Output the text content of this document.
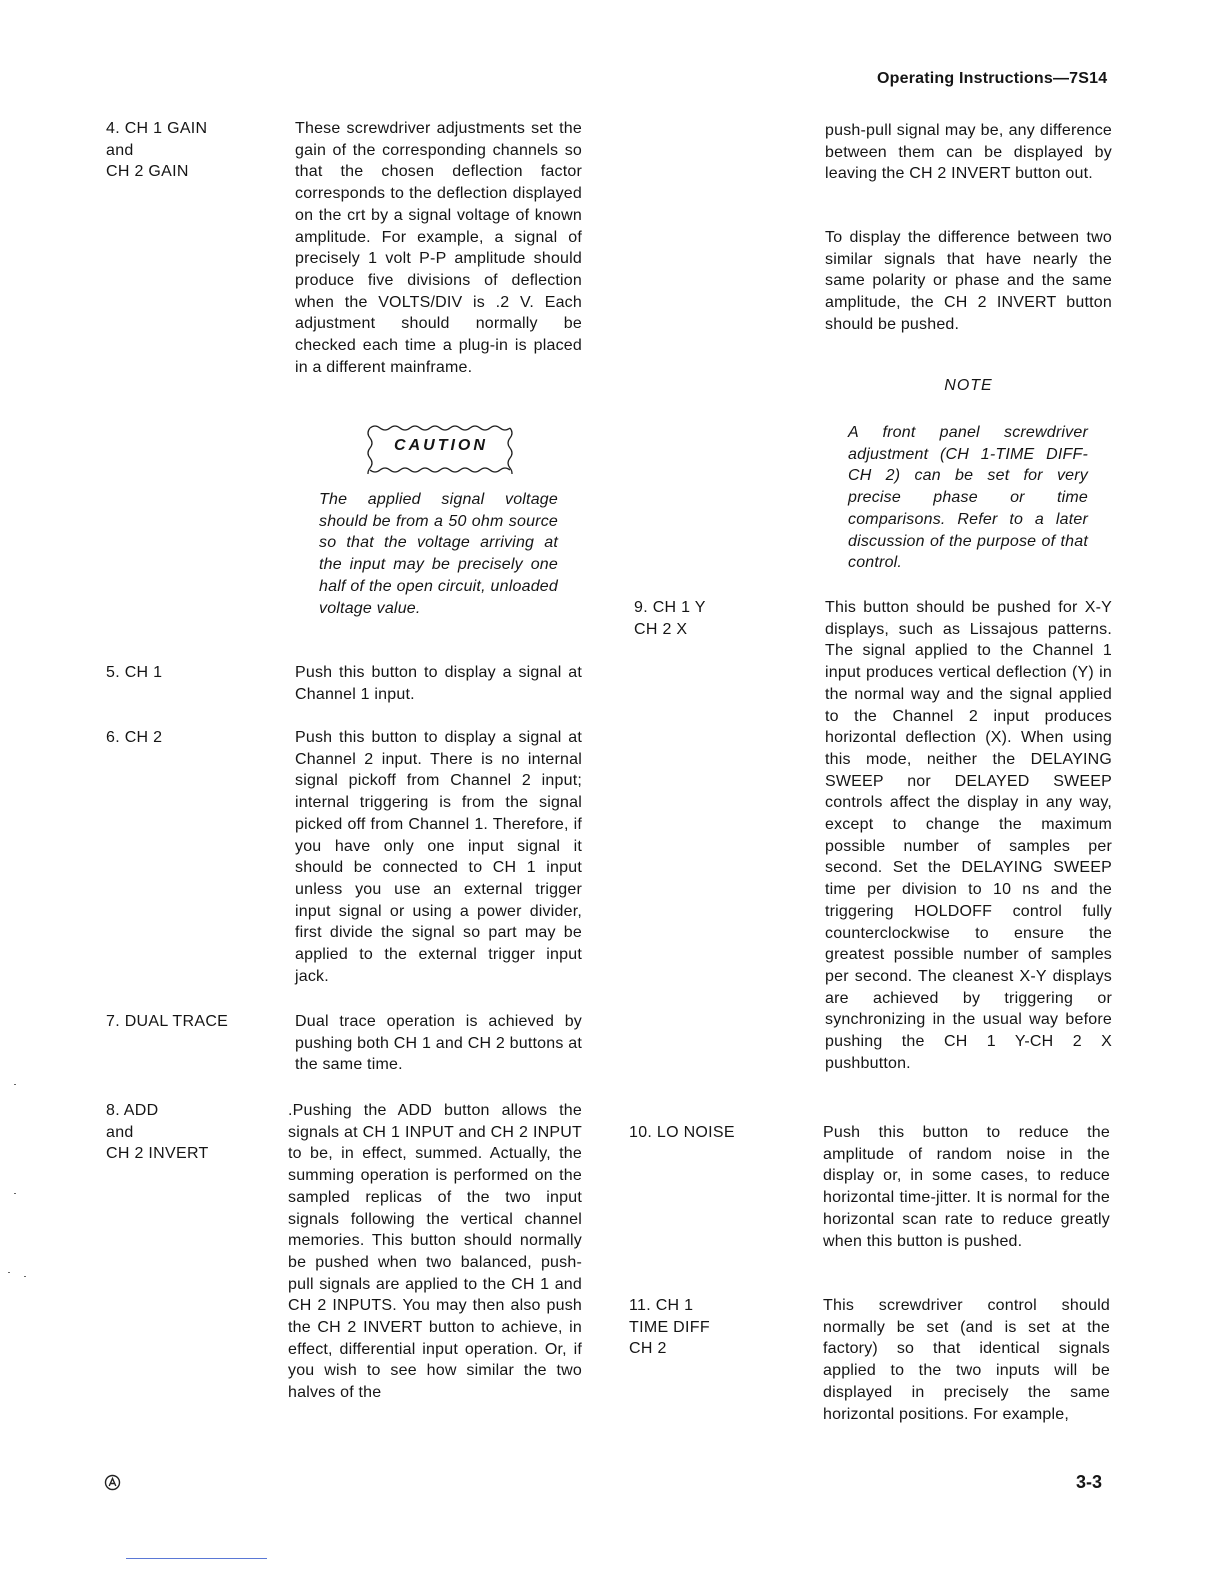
Operating Instructions—7S14
4. CH 1 GAIN
and
CH 2 GAIN
These screwdriver adjustments set the gain of the corresponding channels so that the chosen deflection factor corresponds to the deflection displayed on the crt by a signal voltage of known amplitude. For example, a signal of precisely 1 volt P-P amplitude should produce five divisions of deflection when the VOLTS/DIV is .2 V. Each adjustment should normally be checked each time a plug-in is placed in a different mainframe.
CAUTION
The applied signal voltage should be from a 50 ohm source so that the voltage arriving at the input may be precisely one half of the open circuit, unloaded voltage value.
5. CH 1	Push this button to display a signal at Channel 1 input.
6. CH 2	Push this button to display a signal at Channel 2 input. There is no internal signal pickoff from Channel 2 input; internal triggering is from the signal picked off from Channel 1. Therefore, if you have only one input signal it should be connected to CH 1 input unless you use an external trigger input signal or using a power divider, first divide the signal so part may be applied to the external trigger input jack.
7. DUAL TRACE	Dual trace operation is achieved by pushing both CH 1 and CH 2 buttons at the same time.
8. ADD
and
CH 2 INVERT
.Pushing the ADD button allows the signals at CH 1 INPUT and CH 2 INPUT to be, in effect, summed. Actually, the summing operation is performed on the sampled replicas of the two input signals following the vertical channel memories. This button should normally be pushed when two balanced, push-pull signals are applied to the CH 1 and CH 2 INPUTS. You may then also push the CH 2 INVERT button to achieve, in effect, differential input operation. Or, if you wish to see how similar the two halves of the
push-pull signal may be, any difference between them can be displayed by leaving the CH 2 INVERT button out.
To display the difference between two similar signals that have nearly the same polarity or phase and the same amplitude, the CH 2 INVERT button should be pushed.
NOTE
A front panel screwdriver adjustment (CH 1-TIME DIFF-CH 2) can be set for very precise phase or time comparisons. Refer to a later discussion of the purpose of that control.
9. CH 1 Y
CH 2 X
This button should be pushed for X-Y displays, such as Lissajous patterns. The signal applied to the Channel 1 input produces vertical deflection (Y) in the normal way and the signal applied to the Channel 2 input produces horizontal deflection (X). When using this mode, neither the DELAYING SWEEP nor DELAYED SWEEP controls affect the display in any way, except to change the maximum possible number of samples per second. Set the DELAYING SWEEP time per division to 10 ns and the triggering HOLDOFF control fully counterclockwise to ensure the greatest possible number of samples per second. The cleanest X-Y displays are achieved by triggering or synchronizing in the usual way before pushing the CH 1 Y-CH 2 X pushbutton.
10. LO NOISE	Push this button to reduce the amplitude of random noise in the display or, in some cases, to reduce horizontal time-jitter. It is normal for the horizontal scan rate to reduce greatly when this button is pushed.
11. CH 1
TIME DIFF
CH 2
This screwdriver control should normally be set (and is set at the factory) so that identical signals applied to the two inputs will be displayed in precisely the same horizontal positions. For example,
3-3
